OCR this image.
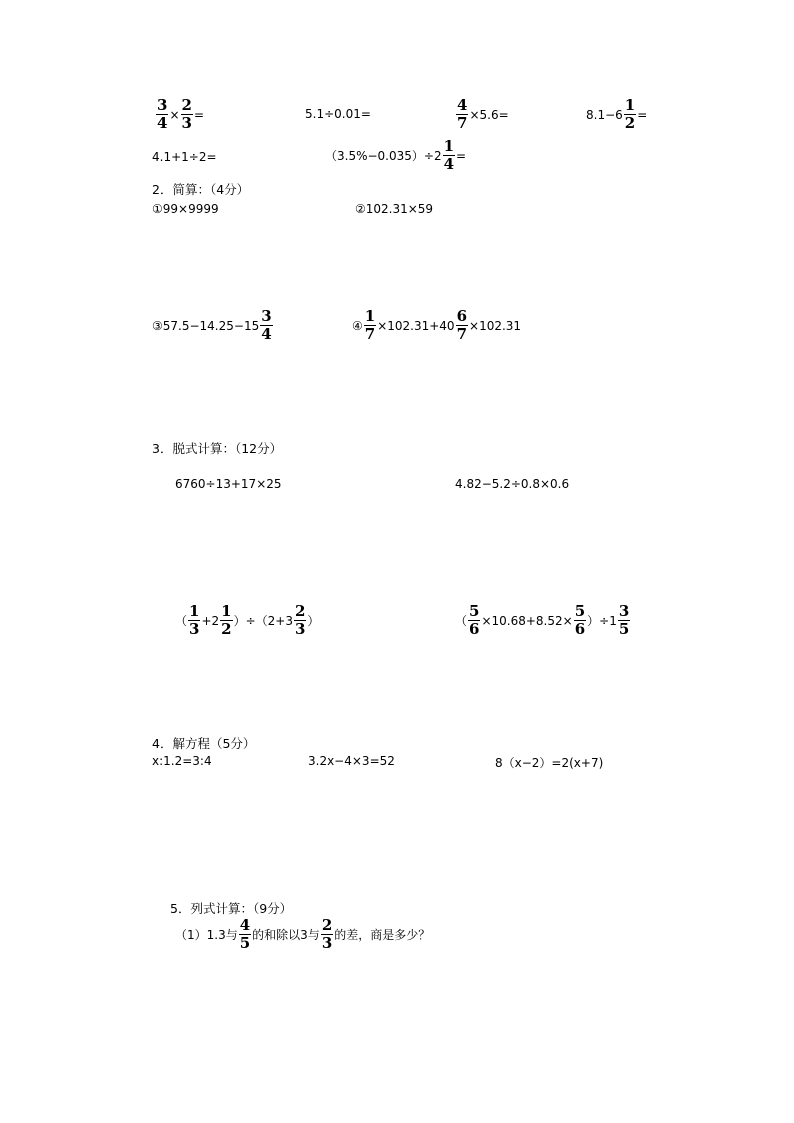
$\frac{3}{4} \times \frac{2}{3}$ =	5.1÷0.01=	$\frac{4}{7} \times 5.6=$	$8.1-6 \frac{1}{2}$ =
4.1+1÷2=	$(3.5\%-0.035)\div 2 \frac{1}{4}$ =
2．简算：（4分）
①99×9999	②102.31×59
③57.5−14.25−15 $\frac{3}{4}$	④ $\frac{1}{7} \times 102.31+40 \frac{6}{7} \times 102.31$
3．脱式计算：（12分）
6760÷13+17×25	4.82−5.2÷0.8×0.6
（ $\frac{1}{3} +2 \frac{1}{2} )\div(2+3 \frac{2}{3}$ ）	（ $\frac{5}{6} \times 10.68+8.52\times \frac{5}{6} )\div 1 \frac{3}{5}$
4．解方程（5分）
x:1.2=3:4	3.2x−4×3=52	8（x−2）=2(x+7)
5．列式计算：（9分）
（1）1.3与 $\frac{4}{5}$ 的和除以3与 $\frac{2}{3}$ 的差，商是多少？
